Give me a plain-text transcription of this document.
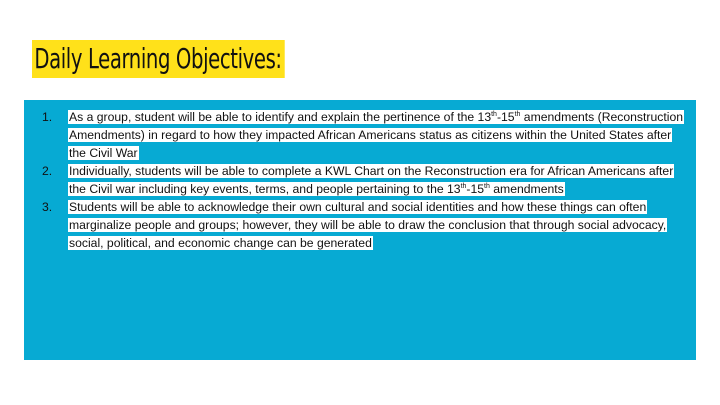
Daily Learning Objectives:
1.	As a group, student will be able to identify and explain the pertinence of the 13th-15th amendments (Reconstruction Amendments) in regard to how they impacted African Americans status as citizens within the United States after the Civil War
2.	Individually, students will be able to complete a KWL Chart on the Reconstruction era for African Americans after the Civil war including key events, terms, and people pertaining to the 13th-15th amendments
3.	Students will be able to acknowledge their own cultural and social identities and how these things can often marginalize people and groups; however, they will be able to draw the conclusion that through social advocacy, social, political, and economic change can be generated
